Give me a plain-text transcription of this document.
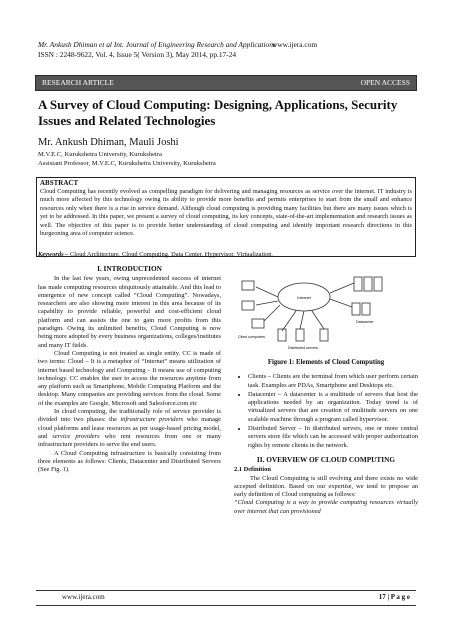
Mr. Ankush Dhiman et al Int. Journal of Engineering Research and Applications
ISSN : 2248-9622, Vol. 4, Issue 5( Version 3), May 2014, pp.17-24
www.ijera.com
RESEARCH ARTICLE	OPEN ACCESS
A Survey of Cloud Computing: Designing, Applications, Security Issues and Related Technologies
Mr. Ankush Dhiman, Mauli Joshi
M.V.E.C, Kurukshetra University, Kurukshetra
Assistant Professor, M.V.E.C, Kurukshetra University, Kurukshetra
ABSTRACT
Cloud Computing has recently evolved as compelling paradigm for delivering and managing resources as service over the internet. IT industry is much more affected by this technology owing its ability to provide more benefits and permits enterprises to start from the small and enhance resources only when there is a rise in service demand. Although cloud computing is providing many facilities but there are many issues which is yet to be addressed. In this paper, we present a survey of cloud computing, its key concepts, state-of-the-art implementation and research issues as well. The objective of this paper is to provide better understanding of cloud computing and identify important research directions in this burgeoning area of computer science.
Keywords – Cloud Architecture, Cloud Computing, Data Center, Hypervisor, Virtualization,
I. INTRODUCTION

In the last few years, owing unprecedented success of internet has made computing resources ubiquitously attainable. And this lead to emergence of new concept called “Cloud Computing”. Nowadays, researchers are also showing more interest in this area because of its capability to provide reliable, powerful and cost-efficient cloud platform and can assists the one to gain more profits from this paradigm. Owing its unlimited benefits, Cloud Computing is now being more adopted by every business organizations, colleges/institutes and many IT fields.

Cloud Computing is not treated as single entity. CC is made of two terms: Cloud – It is a metaphor of “Internet” means utilization of internet based technology and Computing – It means use of computing technology. CC enables the user to access the resources anytime from any platform such as Smartphone, Mobile Computing Platform and the desktop. Many companies are providing services from the cloud. Some of the examples are Google, Microsoft and Salesforce.com etc

In cloud computing, the traditionally role of service provider is divided into two phases: the infrastructure providers who manage cloud platforms and lease resources as per usage-based pricing model, and service providers who rent resources from one or many infrastructure providers to serve the end users.

A Cloud Computing infrastructure is basically consisting from three elements as follows: Clients, Datacenter and Distributed Servers (See Fig. 1).

Internet
Client computers
Datacenter
Distributed servers
Figure 1: Elements of Cloud Computing
• Clients – Clients are the terminal from which user perform certain task. Examples are PDAs, Smartphone and Desktops etc.
• Datacenter – A datacenter is a multitude of servers that host the applications needed by an organization. Today trend is of virtualized servers that are creation of multitude servers on one scalable machine through a program called hypervisor.
• Distributed Server – In distributed servers, one or more central servers store file which can be accessed with proper authorization rights by remote clients in the network.
II. OVERVIEW OF CLOUD COMPUTING
2.1 Definition

The Cloud Computing is still evolving and there exists no wide accepted definition. Based on our expertise, we tend to propose an early definition of Cloud computing as follows:

“Cloud Computing is a way to provide computing resources virtually over internet that can provisioned

www.ijera.com	17 | P a g e
